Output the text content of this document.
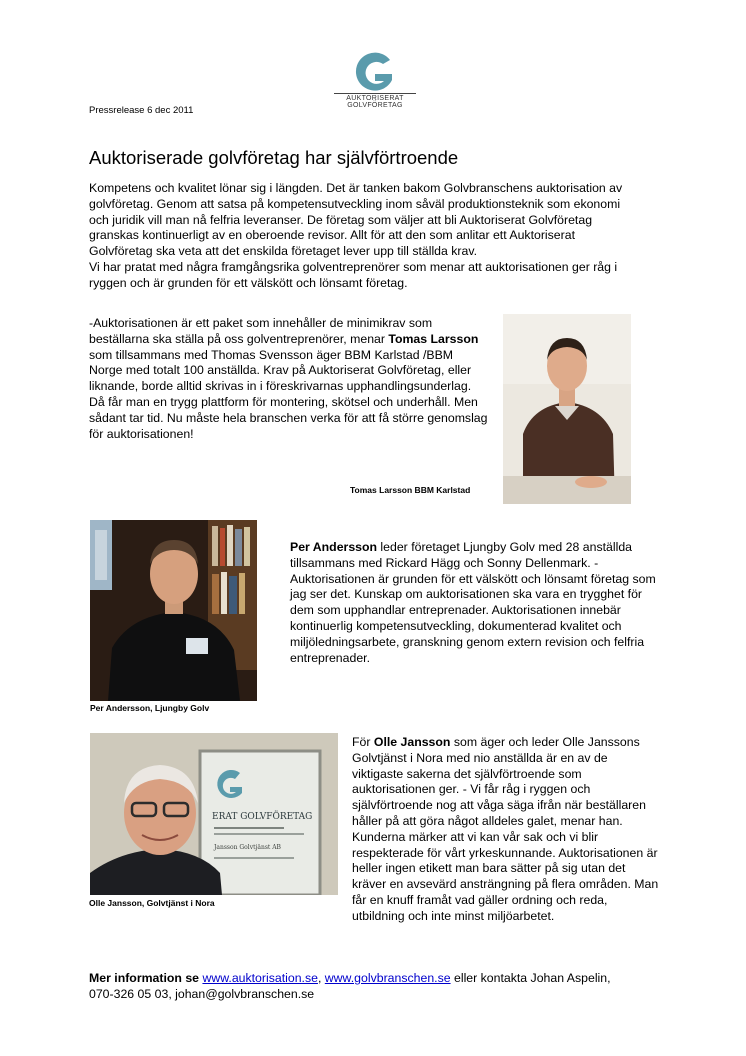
AUKTORISERAT GOLVFÖRETAG
Pressrelease 6 dec 2011
Auktoriserade golvföretag har självförtroende
Kompetens och kvalitet lönar sig i längden. Det är tanken bakom Golvbranschens auktorisation av
golvföretag. Genom att satsa på kompetensutveckling inom såväl produktionsteknik som ekonomi
och juridik vill man nå felfria leveranser. De företag som väljer att bli Auktoriserat Golvföretag
granskas kontinuerligt av en oberoende revisor. Allt för att den som anlitar ett Auktoriserat
Golvföretag ska veta att det enskilda företaget lever upp till ställda krav.
Vi har pratat med några framgångsrika golventreprenörer som menar att auktorisationen ger råg i
ryggen och är grunden för ett välskött och lönsamt företag.
-Auktorisationen är ett paket som innehåller de minimikrav som beställarna ska ställa på oss golventreprenörer, menar Tomas Larsson som tillsammans med Thomas Svensson äger BBM Karlstad /BBM Norge med totalt 100 anställda. Krav på Auktoriserat Golvföretag, eller liknande, borde alltid skrivas in i föreskrivarnas upphandlingsunderlag. Då får man en trygg plattform för montering, skötsel och underhåll. Men sådant tar tid. Nu måste hela branschen verka för att få större genomslag för auktorisationen!
Tomas Larsson BBM Karlstad
Per Andersson, Ljungby Golv
Per Andersson leder företaget Ljungby Golv med 28 anställda tillsammans med Rickard Hägg och Sonny Dellenmark. -Auktorisationen är grunden för ett välskött och lönsamt företag som jag ser det. Kunskap om auktorisationen ska vara en trygghet för dem som upphandlar entreprenader. Auktorisationen innebär kontinuerlig kompetensutveckling, dokumenterad kvalitet och miljöledningsarbete, granskning genom extern revision och felfria entreprenader.
ERAT GOLVFÖRETAG
Jansson Golvtjänst AB
Olle Jansson, Golvtjänst i Nora
För Olle Jansson som äger och leder Olle Janssons Golvtjänst i Nora med nio anställda är en av de viktigaste sakerna det självförtroende som auktorisationen ger. - Vi får råg i ryggen och självförtroende nog att våga säga ifrån när beställaren håller på att göra något alldeles galet, menar han. Kunderna märker att vi kan vår sak och vi blir respekterade för vårt yrkeskunnande. Auktorisationen är heller ingen etikett man bara sätter på sig utan det kräver en avsevärd ansträngning på flera områden. Man får en knuff framåt vad gäller ordning och reda, utbildning och inte minst miljöarbetet.
Mer information se www.auktorisation.se, www.golvbranschen.se eller kontakta Johan Aspelin,
070-326 05 03, johan@golvbranschen.se
